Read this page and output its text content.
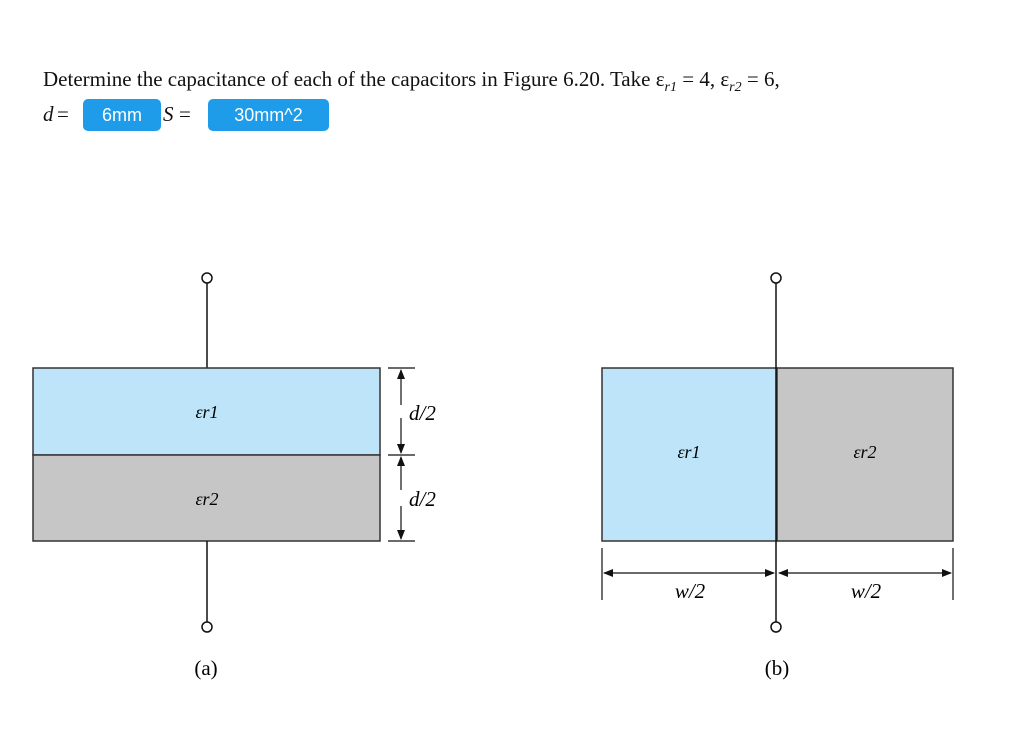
Determine the capacitance of each of the capacitors in Figure 6.20. Take $\varepsilon_{r1} = 4$, $\varepsilon_{r2} = 6$,
d =	6mm	S =	30mm^2
εr1
εr2
d/2
d/2
(a)
εr1	εr2
w/2	w/2
(b)
